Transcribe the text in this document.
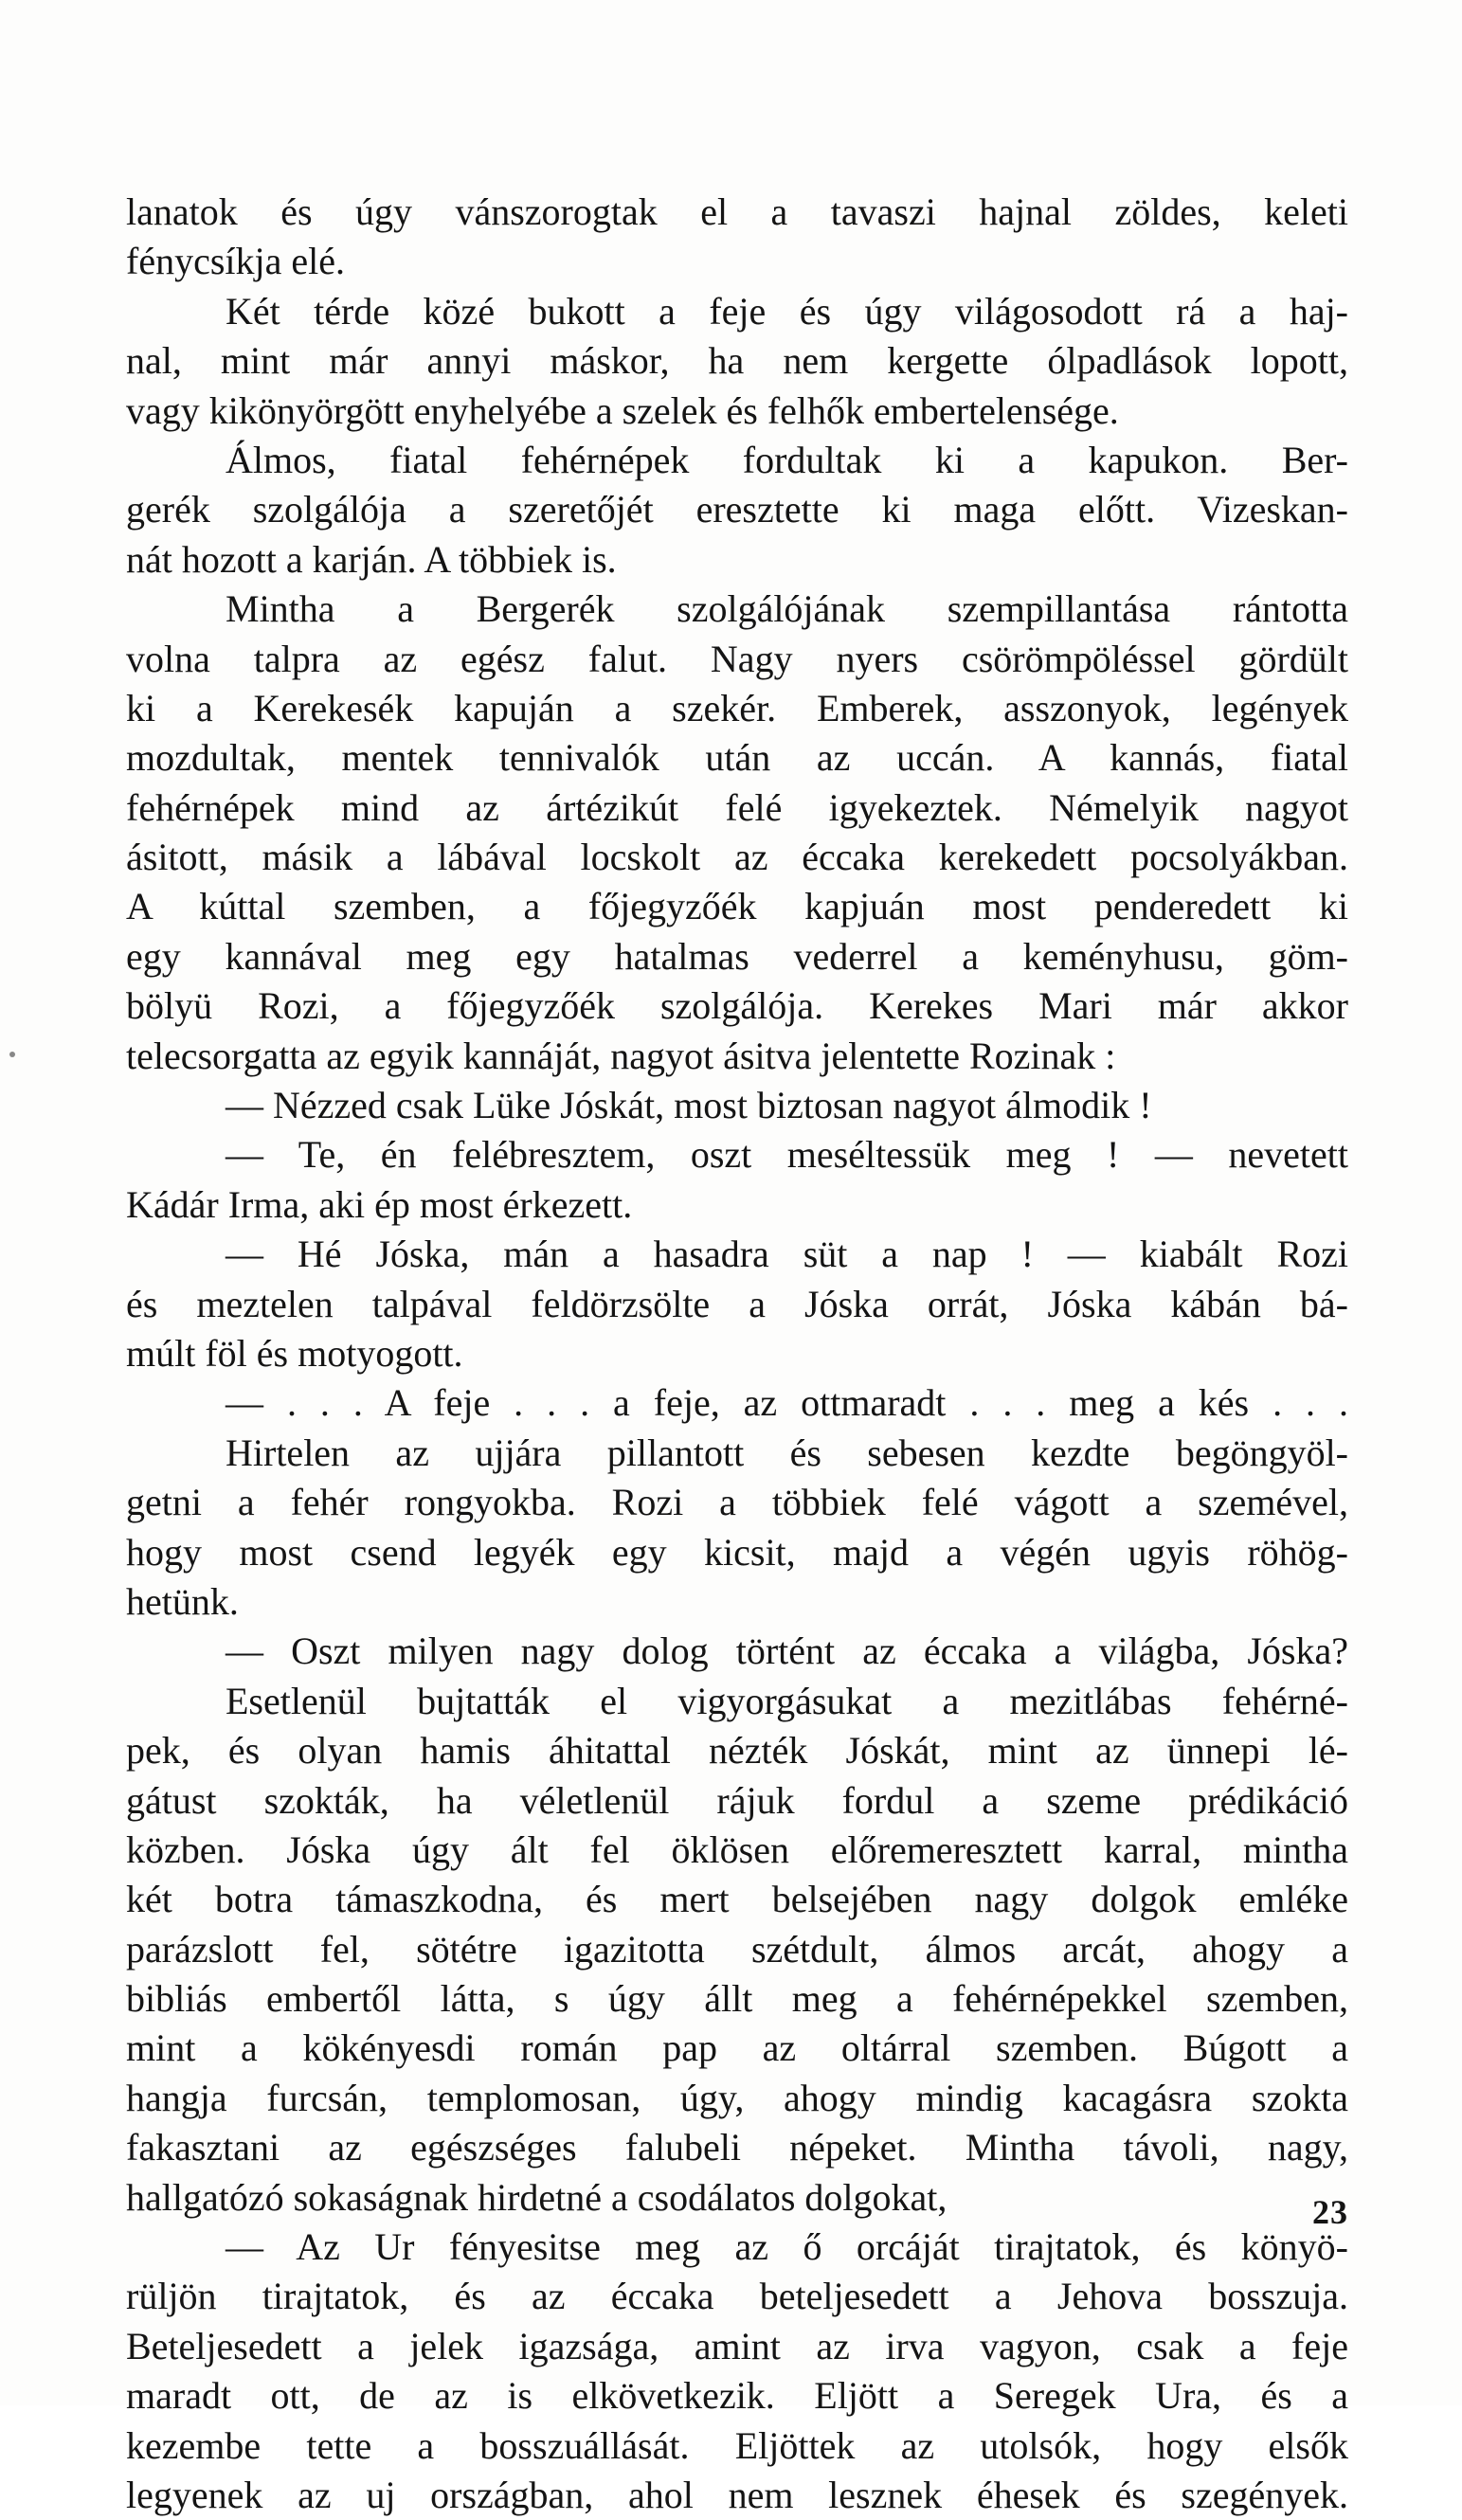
lanatok és úgy vánszorogtak el a tavaszi hajnal zöldes, keleti
fénycsíkja elé.
Két térde közé bukott a feje és úgy világosodott rá a haj-
nal, mint már annyi máskor, ha nem kergette ólpadlások lopott,
vagy kikönyörgött enyhelyébe a szelek és felhők embertelensége.
Álmos, fiatal fehérnépek fordultak ki a kapukon. Ber-
gerék szolgálója a szeretőjét eresztette ki maga előtt. Vizeskan-
nát hozott a karján. A többiek is.
Mintha a Bergerék szolgálójának szempillantása rántotta
volna talpra az egész falut. Nagy nyers csörömpöléssel gördült
ki a Kerekesék kapuján a szekér. Emberek, asszonyok, legények
mozdultak, mentek tennivalók után az uccán. A kannás, fiatal
fehérnépek mind az ártézikút felé igyekeztek. Némelyik nagyot
ásitott, másik a lábával locskolt az éccaka kerekedett pocsolyákban.
A kúttal szemben, a főjegyzőék kapjuán most penderedett ki
egy kannával meg egy hatalmas vederrel a keményhusu, göm-
bölyü Rozi, a főjegyzőék szolgálója. Kerekes Mari már akkor
telecsorgatta az egyik kannáját, nagyot ásitva jelentette Rozinak :
— Nézzed csak Lüke Jóskát, most biztosan nagyot álmodik !
— Te, én felébresztem, oszt meséltessük meg ! — nevetett
Kádár Irma, aki ép most érkezett.
— Hé Jóska, mán a hasadra süt a nap ! — kiabált Rozi
és meztelen talpával feldörzsölte a Jóska orrát, Jóska kábán bá-
múlt föl és motyogott.
— . . . A feje . . . a feje, az ottmaradt . . . meg a kés . . .
Hirtelen az ujjára pillantott és sebesen kezdte begöngyöl-
getni a fehér rongyokba. Rozi a többiek felé vágott a szemével,
hogy most csend legyék egy kicsit, majd a végén ugyis röhög-
hetünk.
— Oszt milyen nagy dolog történt az éccaka a világba, Jóska?
Esetlenül bujtatták el vigyorgásukat a mezitlábas fehérné-
pek, és olyan hamis áhitattal nézték Jóskát, mint az ünnepi lé-
gátust szokták, ha véletlenül rájuk fordul a szeme prédikáció
közben. Jóska úgy ált fel öklösen előremeresztett karral, mintha
két botra támaszkodna, és mert belsejében nagy dolgok emléke
parázslott fel, sötétre igazitotta szétdult, álmos arcát, ahogy a
bibliás embertől látta, s úgy állt meg a fehérnépekkel szemben,
mint a kökényesdi román pap az oltárral szemben. Búgott a
hangja furcsán, templomosan, úgy, ahogy mindig kacagásra szokta
fakasztani az egészséges falubeli népeket. Mintha távoli, nagy,
hallgatózó sokaságnak hirdetné a csodálatos dolgokat,
— Az Ur fényesitse meg az ő orcáját tirajtatok, és könyö-
rüljön tirajtatok, és az éccaka beteljesedett a Jehova bosszuja.
Beteljesedett a jelek igazsága, amint az irva vagyon, csak a feje
maradt ott, de az is elkövetkezik. Eljött a Seregek Ura, és a
kezembe tette a bosszuállását. Eljöttek az utolsók, hogy elsők
legyenek az uj országban, ahol nem lesznek éhesek és szegények.
23
